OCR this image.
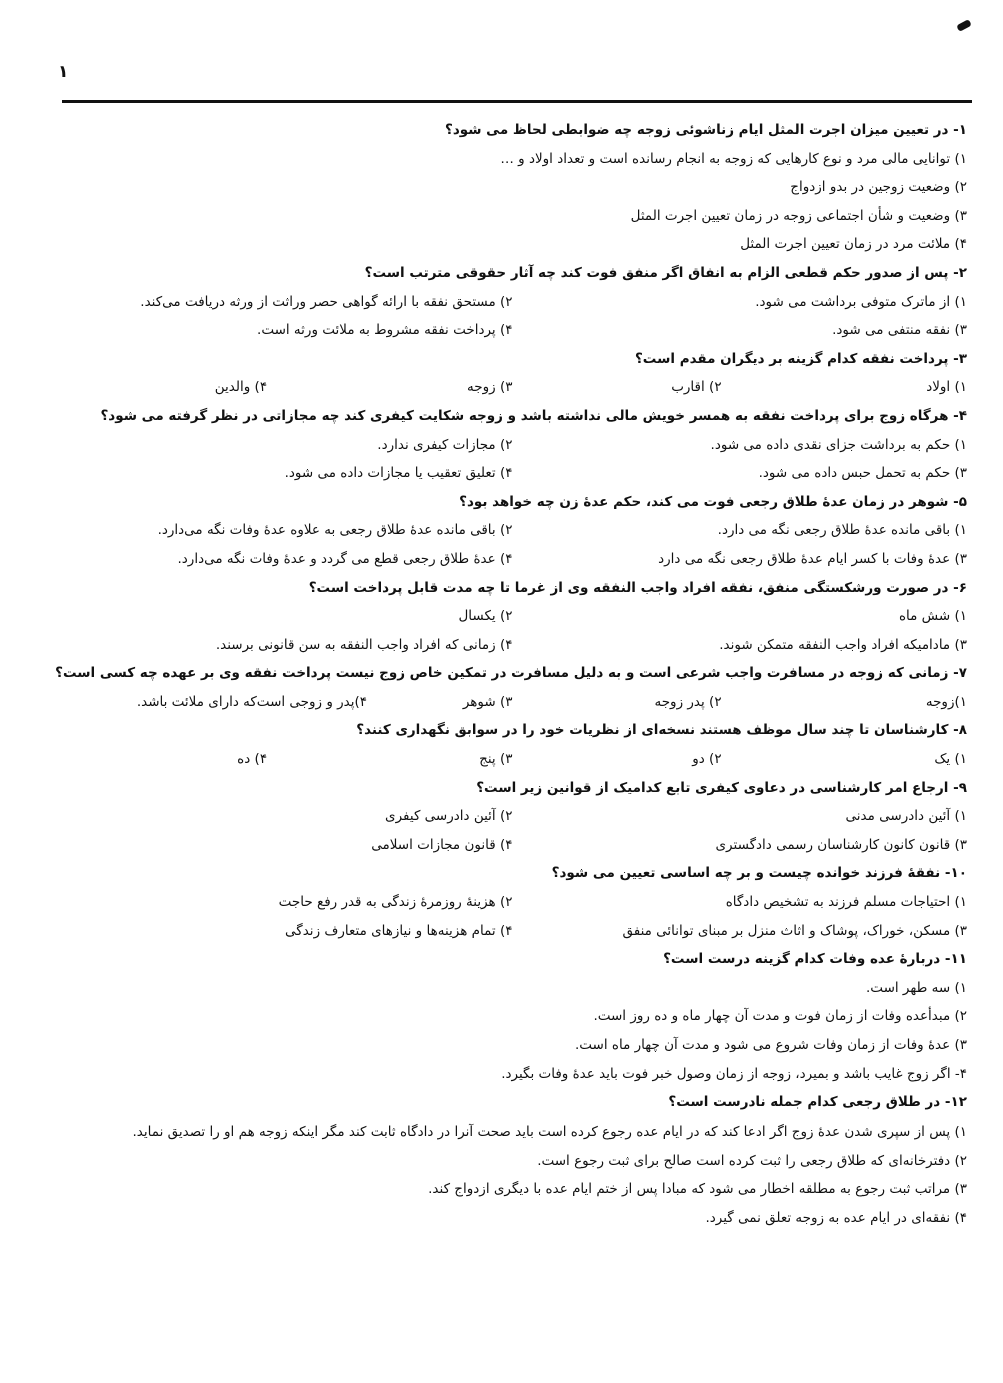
۱
۱- در تعیین میزان اجرت المثل ایام زناشوئی زوجه چه ضوابطی لحاظ می شود؟
۱) توانایی مالی مرد و نوع کارهایی که زوجه به انجام رسانده است و تعداد اولاد و …
۲) وضعیت زوجین در بدو ازدواج
۳) وضعیت و شأن اجتماعی زوجه در زمان تعیین اجرت المثل
۴) ملائت مرد در زمان تعیین اجرت المثل
۲- پس از صدور حکم قطعی الزام به انفاق اگر منفق فوت کند چه آثار حقوقی مترتب است؟
۱) از ماترک متوفی برداشت می شود.
۲) مستحق نفقه با ارائه گواهی حصر وراثت از ورثه دریافت می‌کند.
۳) نفقه منتفی می شود.
۴) پرداخت نفقه مشروط به ملائت ورثه است.
۳- پرداخت نفقه کدام گزینه بر دیگران مقدم است؟
۱) اولاد
۲) اقارب
۳) زوجه
۴) والدین
۴- هرگاه زوج برای پرداخت نفقه به همسر خویش مالی نداشته باشد و زوجه شکایت کیفری کند چه مجازاتی در نظر گرفته می شود؟
۱) حکم به برداشت جزای نقدی داده می شود.
۲) مجازات کیفری ندارد.
۳) حکم به تحمل حبس داده می شود.
۴) تعلیق تعقیب یا مجازات داده می شود.
۵- شوهر در زمان عدهٔ طلاق رجعی فوت می کند، حکم عدهٔ زن چه خواهد بود؟
۱) باقی مانده عدهٔ طلاق رجعی نگه می دارد.
۲) باقی مانده عدهٔ طلاق رجعی به علاوه عدهٔ وفات نگه می‌دارد.
۳) عدهٔ وفات با کسر ایام عدهٔ طلاق رجعی نگه می دارد
۴) عدهٔ طلاق رجعی قطع می گردد و عدهٔ وفات نگه می‌دارد.
۶- در صورت ورشکستگی منفق، نفقه افراد واجب النفقه وی از غرما تا چه مدت قابل پرداخت است؟
۱) شش ماه
۲) یکسال
۳) مادامیکه افراد واجب النفقه متمکن شوند.
۴) زمانی که افراد واجب النفقه به سن قانونی برسند.
۷- زمانی که زوجه در مسافرت واجب شرعی است و به دلیل مسافرت در تمکین خاص زوج نیست پرداخت نفقه وی بر عهده چه کسی است؟
۱)زوجه
۲) پدر زوجه
۳) شوهر
۴)پدر و زوجی است‌که دارای ملائت باشد.
۸- کارشناسان تا چند سال موظف هستند نسخه‌ای از نظریات خود را در سوابق نگهداری کنند؟
۱) یک
۲) دو
۳) پنج
۴) ده
۹- ارجاع امر کارشناسی در دعاوی کیفری تابع کدامیک از قوانین زیر است؟
۱) آئین دادرسی مدنی
۲) آئین دادرسی کیفری
۳) قانون کانون کارشناسان رسمی دادگستری
۴) قانون مجازات اسلامی
۱۰- نفقهٔ فرزند خوانده چیست و بر چه اساسی تعیین می شود؟
۱) احتیاجات مسلم فرزند به تشخیص دادگاه
۲) هزینهٔ روزمرهٔ زندگی به قدر رفع حاجت
۳) مسکن، خوراک، پوشاک و اثاث منزل بر مبنای توانائی منفق
۴) تمام هزینه‌ها و نیازهای متعارف زندگی
۱۱- دربارهٔ عده وفات کدام گزینه درست است؟
۱) سه طهر است.
۲) مبدأعده وفات از زمان فوت و مدت آن چهار ماه و ده روز است.
۳) عدهٔ وفات از زمان وفات شروع می شود و مدت آن چهار ماه است.
۴- اگر زوج غایب باشد و بمیرد، زوجه از زمان وصول خبر فوت باید عدهٔ وفات بگیرد.
۱۲- در طلاق رجعی کدام جمله نادرست است؟
۱) پس از سپری شدن عدهٔ زوج اگر ادعا کند که در ایام عده رجوع کرده است باید صحت آنرا در دادگاه ثابت کند مگر اینکه زوجه هم او را تصدیق نماید.
۲) دفترخانه‌ای که طلاق رجعی را ثبت کرده است صالح برای ثبت رجوع است.
۳) مراتب ثبت رجوع به مطلقه اخطار می شود که مبادا پس از ختم ایام عده با دیگری ازدواج کند.
۴) نفقه‌ای در ایام عده به زوجه تعلق نمی گیرد.
